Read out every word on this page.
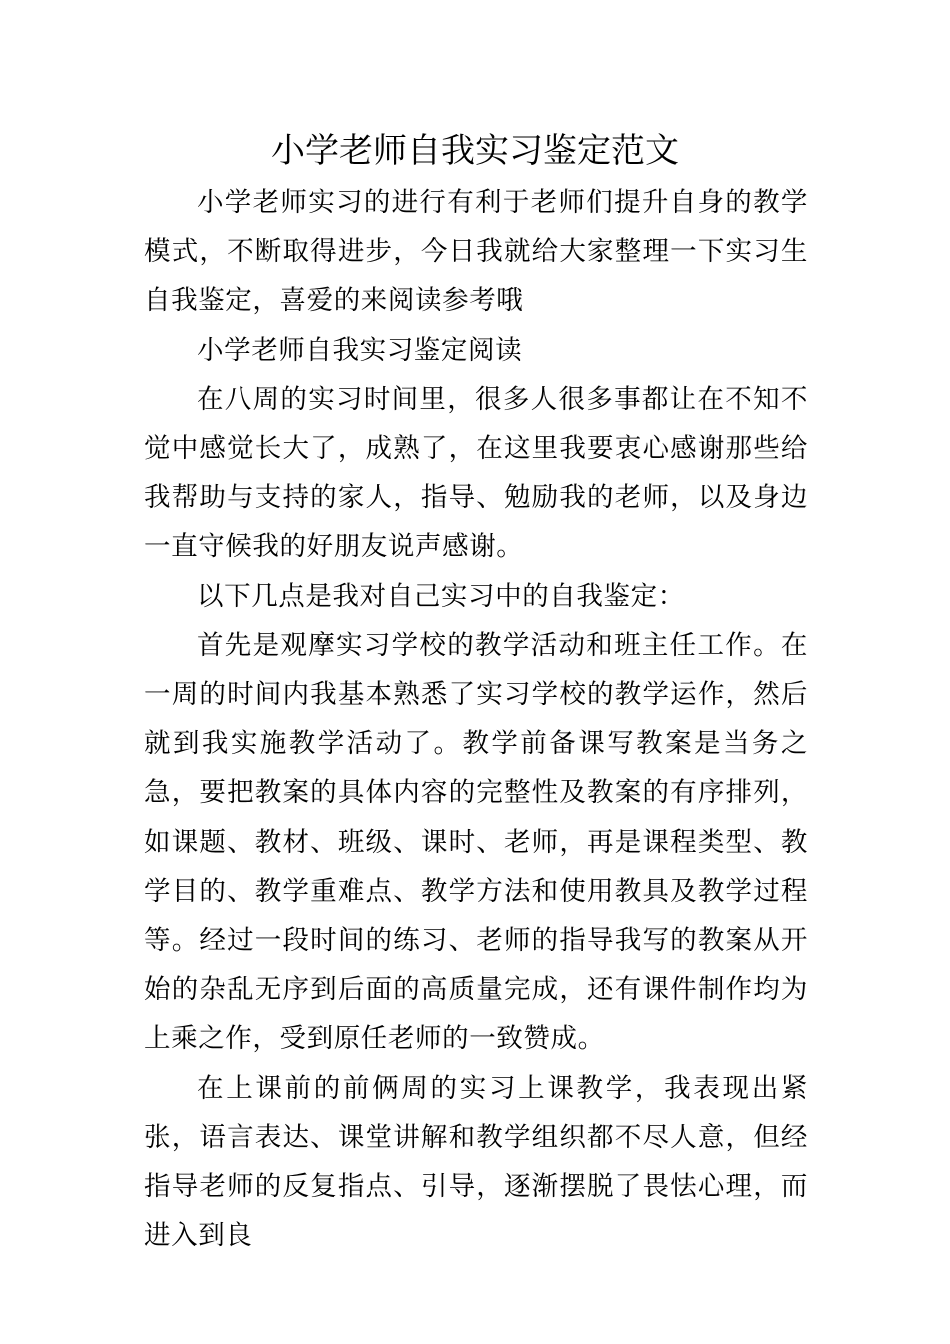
小学老师自我实习鉴定范文

小学老师实习的进行有利于老师们提升自身的教学模式，不断取得进步，今日我就给大家整理一下实习生自我鉴定，喜爱的来阅读参考哦

小学老师自我实习鉴定阅读

在八周的实习时间里，很多人很多事都让在不知不觉中感觉长大了，成熟了，在这里我要衷心感谢那些给我帮助与支持的家人，指导、勉励我的老师，以及身边一直守候我的好朋友说声感谢。

以下几点是我对自己实习中的自我鉴定：

首先是观摩实习学校的教学活动和班主任工作。在一周的时间内我基本熟悉了实习学校的教学运作，然后就到我实施教学活动了。教学前备课写教案是当务之急，要把教案的具体内容的完整性及教案的有序排列，如课题、教材、班级、课时、老师，再是课程类型、教学目的、教学重难点、教学方法和使用教具及教学过程等。经过一段时间的练习、老师的指导我写的教案从开始的杂乱无序到后面的高质量完成，还有课件制作均为上乘之作，受到原任老师的一致赞成。

在上课前的前俩周的实习上课教学，我表现出紧张，语言表达、课堂讲解和教学组织都不尽人意，但经指导老师的反复指点、引导，逐渐摆脱了畏怯心理，而进入到良
